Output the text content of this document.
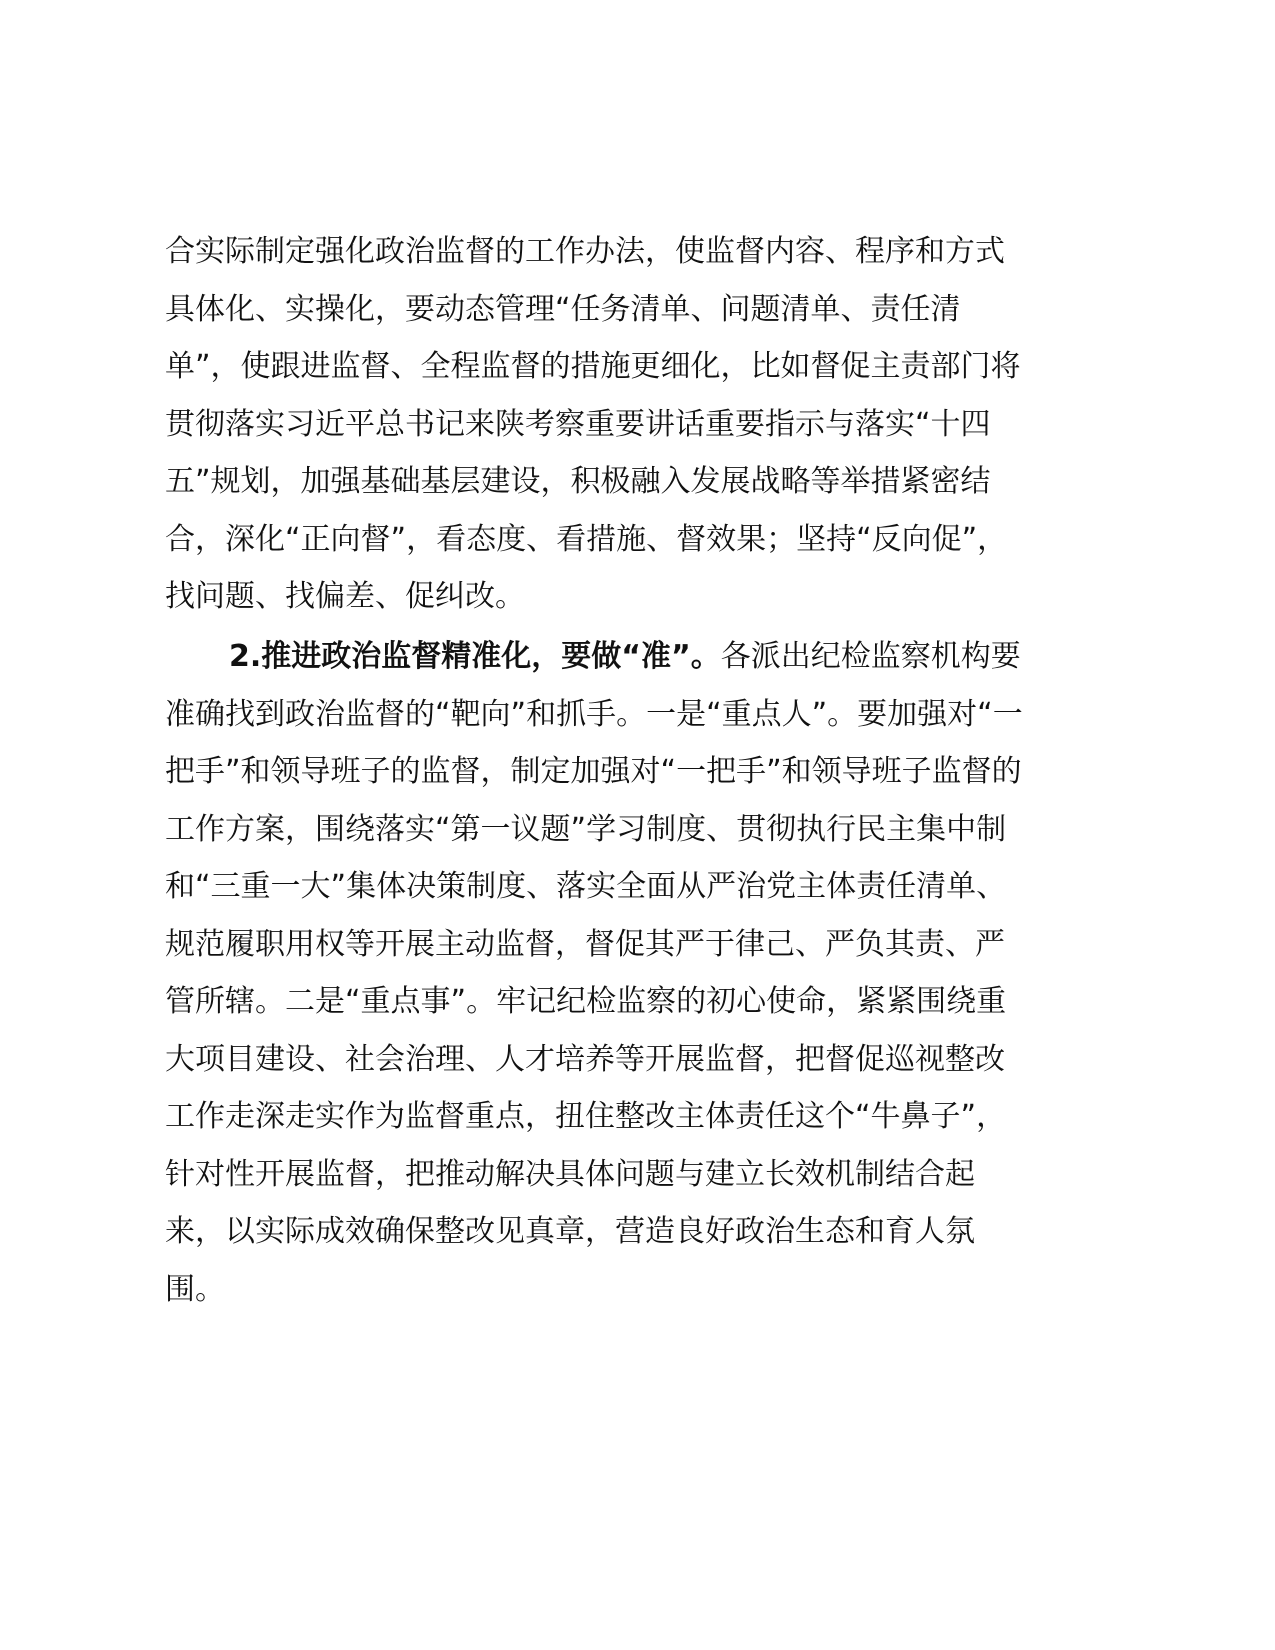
合实际制定强化政治监督的工作办法，使监督内容、程序和方式
具体化、实操化，要动态管理“任务清单、问题清单、责任清
单”，使跟进监督、全程监督的措施更细化，比如督促主责部门将
贯彻落实习近平总书记来陕考察重要讲话重要指示与落实“十四
五”规划，加强基础基层建设，积极融入发展战略等举措紧密结
合，深化“正向督”，看态度、看措施、督效果；坚持“反向促”，
找问题、找偏差、促纠改。
2.推进政治监督精准化，要做“准”。各派出纪检监察机构要
准确找到政治监督的“靶向”和抓手。一是“重点人”。要加强对“一
把手”和领导班子的监督，制定加强对“一把手”和领导班子监督的
工作方案，围绕落实“第一议题”学习制度、贯彻执行民主集中制
和“三重一大”集体决策制度、落实全面从严治党主体责任清单、
规范履职用权等开展主动监督，督促其严于律己、严负其责、严
管所辖。二是“重点事”。牢记纪检监察的初心使命，紧紧围绕重
大项目建设、社会治理、人才培养等开展监督，把督促巡视整改
工作走深走实作为监督重点，扭住整改主体责任这个“牛鼻子”，
针对性开展监督，把推动解决具体问题与建立长效机制结合起
来，以实际成效确保整改见真章，营造良好政治生态和育人氛
围。
